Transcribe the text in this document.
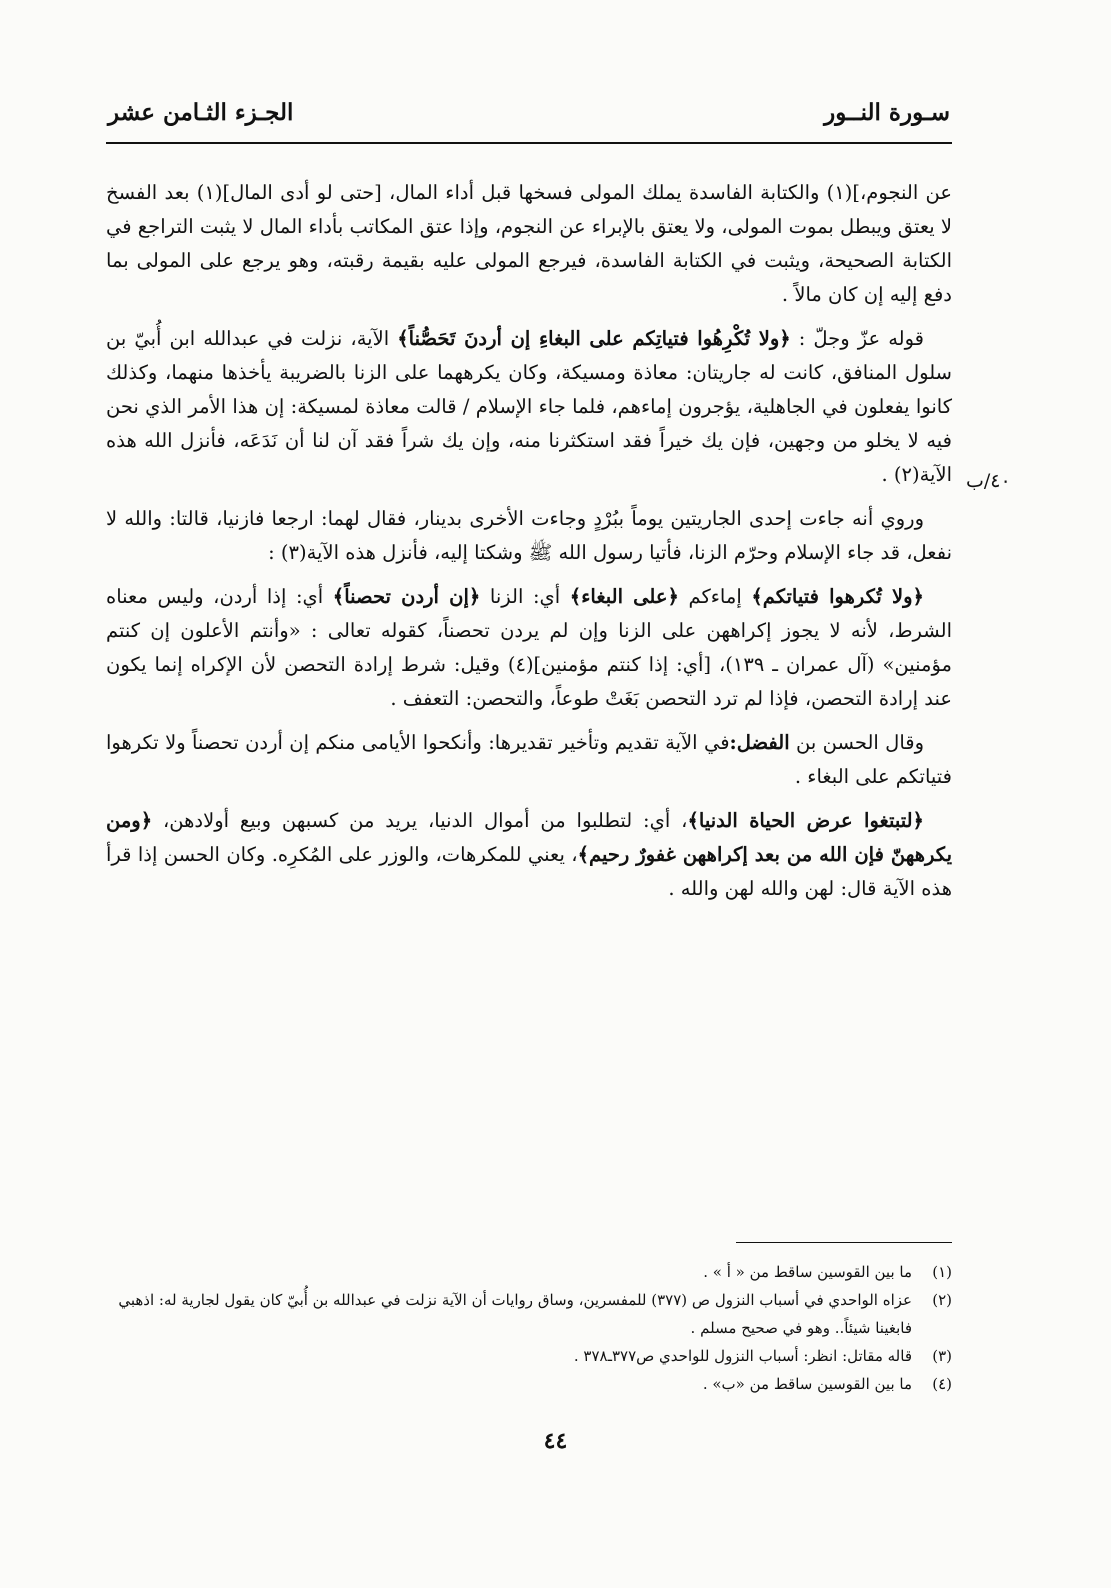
سـورة النــور
الجـزء الثـامن عشر
٤٠/ب

عن النجوم،](١) والكتابة الفاسدة يملك المولى فسخها قبل أداء المال، [حتى لو أدى المال](١) بعد الفسخ لا يعتق ويبطل بموت المولى، ولا يعتق بالإبراء عن النجوم، وإذا عتق المكاتب بأداء المال لا يثبت التراجع في الكتابة الصحيحة، ويثبت في الكتابة الفاسدة، فيرجع المولى عليه بقيمة رقبته، وهو يرجع على المولى بما دفع إليه إن كان مالاً .

قوله عزّ وجلّ : ﴿ولا تُكْرِهُوا فتياتِكم على البغاءِ إن أردنَ تَحَصُّناً﴾ الآية، نزلت في عبدالله ابن أُبيّ بن سلول المنافق، كانت له جاريتان: معاذة ومسيكة، وكان يكرههما على الزنا بالضريبة يأخذها منهما، وكذلك كانوا يفعلون في الجاهلية، يؤجرون إماءهم، فلما جاء الإسلام / قالت معاذة لمسيكة: إن هذا الأمر الذي نحن فيه لا يخلو من وجهين، فإن يك خيراً فقد استكثرنا منه، وإن يك شراً فقد آن لنا أن نَدَعَه، فأنزل الله هذه الآية(٢) .

وروي أنه جاءت إحدى الجاريتين يوماً ببُرْدٍ وجاءت الأخرى بدينار، فقال لهما: ارجعا فازنيا، قالتا: والله لا نفعل، قد جاء الإسلام وحرّم الزنا، فأتيا رسول الله ﷺ وشكتا إليه، فأنزل هذه الآية(٣) :

﴿ولا تُكرهوا فتياتكم﴾ إماءكم ﴿على البغاء﴾ أي: الزنا ﴿إن أردن تحصناً﴾ أي: إذا أردن، وليس معناه الشرط، لأنه لا يجوز إكراههن على الزنا وإن لم يردن تحصناً، كقوله تعالى : «وأنتم الأعلون إن كنتم مؤمنين» (آل عمران ـ ١٣٩)، [أي: إذا كنتم مؤمنين](٤) وقيل: شرط إرادة التحصن لأن الإكراه إنما يكون عند إرادة التحصن، فإذا لم ترد التحصن بَغَتْ طوعاً، والتحصن: التعفف .

وقال الحسن بن الفضل:في الآية تقديم وتأخير تقديرها: وأنكحوا الأيامى منكم إن أردن تحصناً ولا تكرهوا فتياتكم على البغاء .

﴿لتبتغوا عرض الحياة الدنيا﴾، أي: لتطلبوا من أموال الدنيا، يريد من كسبهن وبيع أولادهن، ﴿ومن يكرههنّ فإن الله من بعد إكراههن غفورٌ رحيم﴾، يعني للمكرهات، والوزر على المُكرِه. وكان الحسن إذا قرأ هذه الآية قال: لهن والله لهن والله .

(١)
ما بين القوسين ساقط من « أ » .
(٢)
عزاه الواحدي في أسباب النزول ص (٣٧٧) للمفسرين، وساق روايات أن الآية نزلت في عبدالله بن أُبيّ كان يقول لجارية له: اذهبي فابغينا شيئاً.. وهو في صحيح مسلم .
(٣)
قاله مقاتل: انظر: أسباب النزول للواحدي ص٣٧٧ـ٣٧٨ .
(٤)
ما بين القوسين ساقط من «ب» .
٤٤
